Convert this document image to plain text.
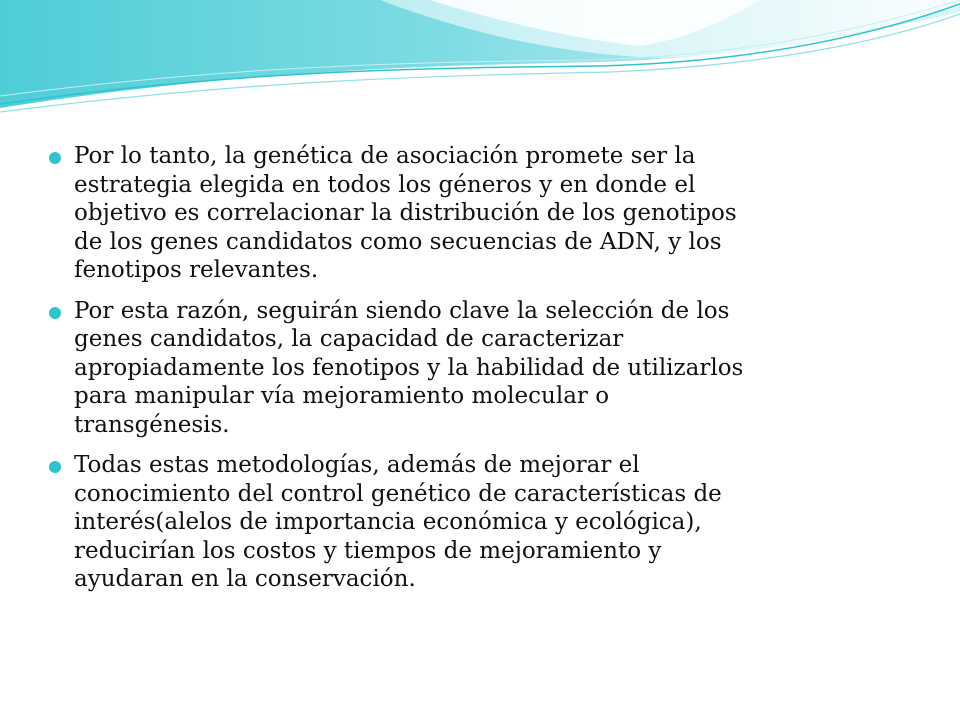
Por lo tanto, la genética de asociación promete ser la estrategia elegida en todos los géneros y en donde el objetivo es correlacionar la distribución de los genotipos de los genes candidatos como secuencias de ADN, y los fenotipos relevantes.
Por esta razón, seguirán siendo clave la selección de los genes candidatos, la capacidad de caracterizar apropiadamente los fenotipos y la habilidad de utilizarlos para manipular vía mejoramiento molecular o transgénesis.
Todas estas metodologías, además de mejorar el conocimiento del control genético de características de interés(alelos de importancia económica y ecológica), reducirían los costos y tiempos de mejoramiento y ayudaran en la conservación.
